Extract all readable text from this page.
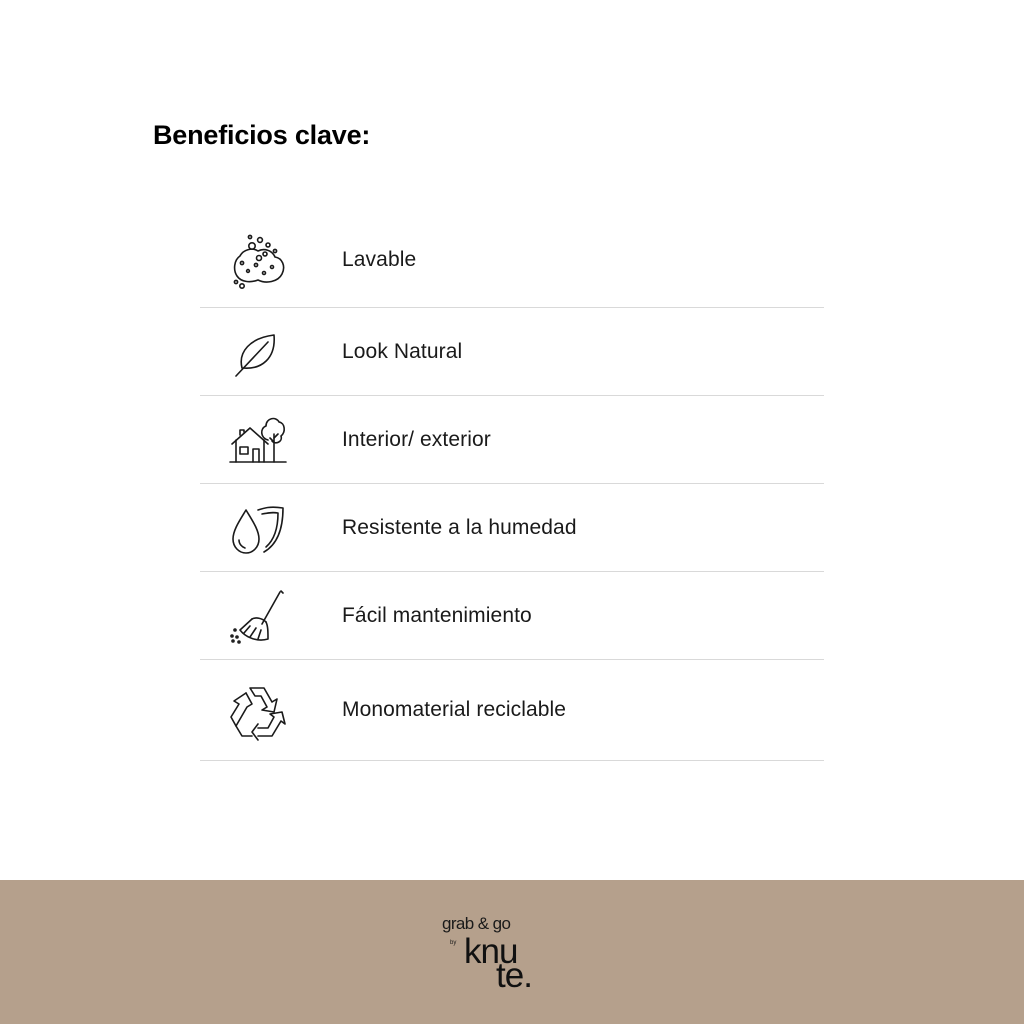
Beneficios clave:
Lavable
Look Natural
Interior/ exterior
Resistente a la humedad
Fácil mantenimiento
Monomaterial reciclable
grab & go
by knu
te.
